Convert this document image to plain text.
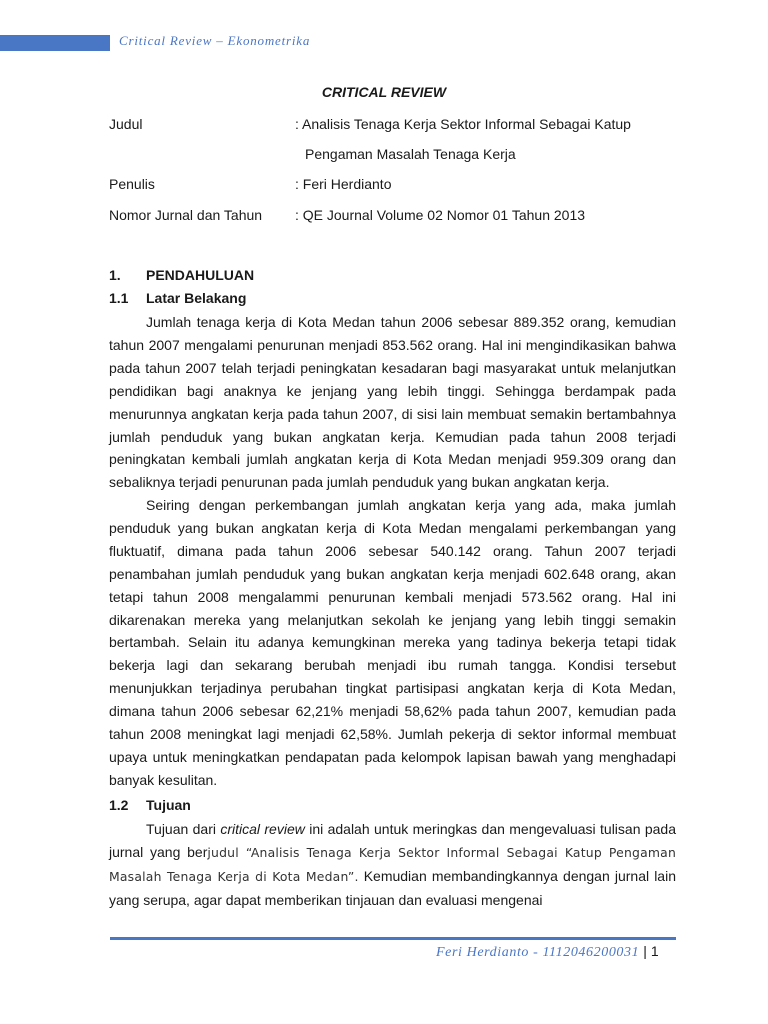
Critical Review – Ekonometrika
CRITICAL REVIEW
Judul	: Analisis Tenaga Kerja Sektor Informal Sebagai Katup
Pengaman Masalah Tenaga Kerja
Penulis	: Feri Herdianto
Nomor Jurnal dan Tahun : QE Journal Volume 02 Nomor 01 Tahun 2013
1. PENDAHULUAN
1.1 Latar Belakang

Jumlah tenaga kerja di Kota Medan tahun 2006 sebesar 889.352 orang, kemudian tahun 2007 mengalami penurunan menjadi 853.562 orang. Hal ini mengindikasikan bahwa pada tahun 2007 telah terjadi peningkatan kesadaran bagi masyarakat untuk melanjutkan pendidikan bagi anaknya ke jenjang yang lebih tinggi. Sehingga berdampak pada menurunnya angkatan kerja pada tahun 2007, di sisi lain membuat semakin bertambahnya jumlah penduduk yang bukan angkatan kerja. Kemudian pada tahun 2008 terjadi peningkatan kembali jumlah angkatan kerja di Kota Medan menjadi 959.309 orang dan sebaliknya terjadi penurunan pada jumlah penduduk yang bukan angkatan kerja.

Seiring dengan perkembangan jumlah angkatan kerja yang ada, maka jumlah penduduk yang bukan angkatan kerja di Kota Medan mengalami perkembangan yang fluktuatif, dimana pada tahun 2006 sebesar 540.142 orang. Tahun 2007 terjadi penambahan jumlah penduduk yang bukan angkatan kerja menjadi 602.648 orang, akan tetapi tahun 2008 mengalammi penurunan kembali menjadi 573.562 orang. Hal ini dikarenakan mereka yang melanjutkan sekolah ke jenjang yang lebih tinggi semakin bertambah. Selain itu adanya kemungkinan mereka yang tadinya bekerja tetapi tidak bekerja lagi dan sekarang berubah menjadi ibu rumah tangga. Kondisi tersebut menunjukkan terjadinya perubahan tingkat partisipasi angkatan kerja di Kota Medan, dimana tahun 2006 sebesar 62,21% menjadi 58,62% pada tahun 2007, kemudian pada tahun 2008 meningkat lagi menjadi 62,58%. Jumlah pekerja di sektor informal membuat upaya untuk meningkatkan pendapatan pada kelompok lapisan bawah yang menghadapi banyak kesulitan.

1.2 Tujuan

Tujuan dari critical review ini adalah untuk meringkas dan mengevaluasi tulisan pada jurnal yang berjudul “Analisis Tenaga Kerja Sektor Informal Sebagai Katup Pengaman Masalah Tenaga Kerja di Kota Medan”. Kemudian membandingkannya dengan jurnal lain yang serupa, agar dapat memberikan tinjauan dan evaluasi mengenai

Feri Herdianto - 1112046200031 | 1
